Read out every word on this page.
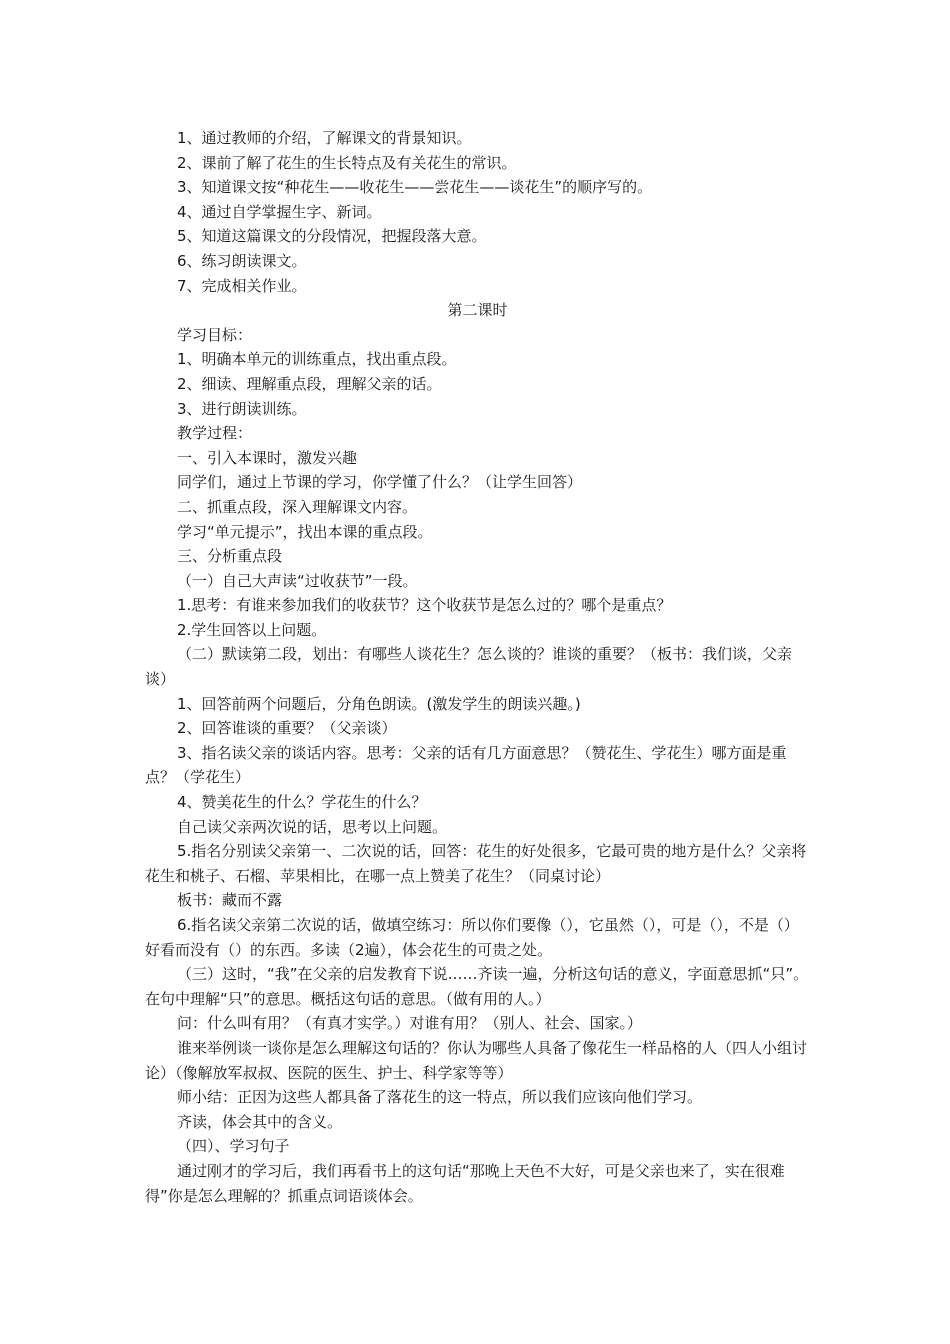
1、通过教师的介绍，了解课文的背景知识。

2、课前了解了花生的生长特点及有关花生的常识。

3、知道课文按“种花生——收花生——尝花生——谈花生”的顺序写的。

4、通过自学掌握生字、新词。

5、知道这篇课文的分段情况，把握段落大意。

6、练习朗读课文。

7、完成相关作业。

第二课时

学习目标：

1、明确本单元的训练重点，找出重点段。

2、细读、理解重点段，理解父亲的话。

3、进行朗读训练。

教学过程：

一、引入本课时，激发兴趣

同学们，通过上节课的学习，你学懂了什么？（让学生回答）

二、抓重点段，深入理解课文内容。

学习“单元提示”，找出本课的重点段。

三、分析重点段

（一）自己大声读“过收获节”一段。

1.思考：有谁来参加我们的收获节？这个收获节是怎么过的？哪个是重点？

2.学生回答以上问题。

（二）默读第二段，划出：有哪些人谈花生？怎么谈的？谁谈的重要？（板书：我们谈，父亲谈）

1、回答前两个问题后，分角色朗读。(激发学生的朗读兴趣。)

2、回答谁谈的重要？（父亲谈）

3、指名读父亲的谈话内容。思考：父亲的话有几方面意思？（赞花生、学花生）哪方面是重点？（学花生）

4、赞美花生的什么？学花生的什么？

自己读父亲两次说的话，思考以上问题。

5.指名分别读父亲第一、二次说的话，回答：花生的好处很多，它最可贵的地方是什么？父亲将花生和桃子、石榴、苹果相比，在哪一点上赞美了花生？（同桌讨论）

板书：藏而不露

6.指名读父亲第二次说的话，做填空练习：所以你们要像（），它虽然（），可是（），不是（）好看而没有（）的东西。多读（2遍），体会花生的可贵之处。

（三）这时，“我”在父亲的启发教育下说……齐读一遍，分析这句话的意义，字面意思抓“只”。在句中理解“只”的意思。概括这句话的意思。（做有用的人。）

问：什么叫有用？（有真才实学。）对谁有用？（别人、社会、国家。）

谁来举例谈一谈你是怎么理解这句话的？你认为哪些人具备了像花生一样品格的人（四人小组讨论）（像解放军叔叔、医院的医生、护士、科学家等等）

师小结：正因为这些人都具备了落花生的这一特点，所以我们应该向他们学习。

齐读，体会其中的含义。

（四）、学习句子

通过刚才的学习后，我们再看书上的这句话“那晚上天色不大好，可是父亲也来了，实在很难得”你是怎么理解的？抓重点词语谈体会。
